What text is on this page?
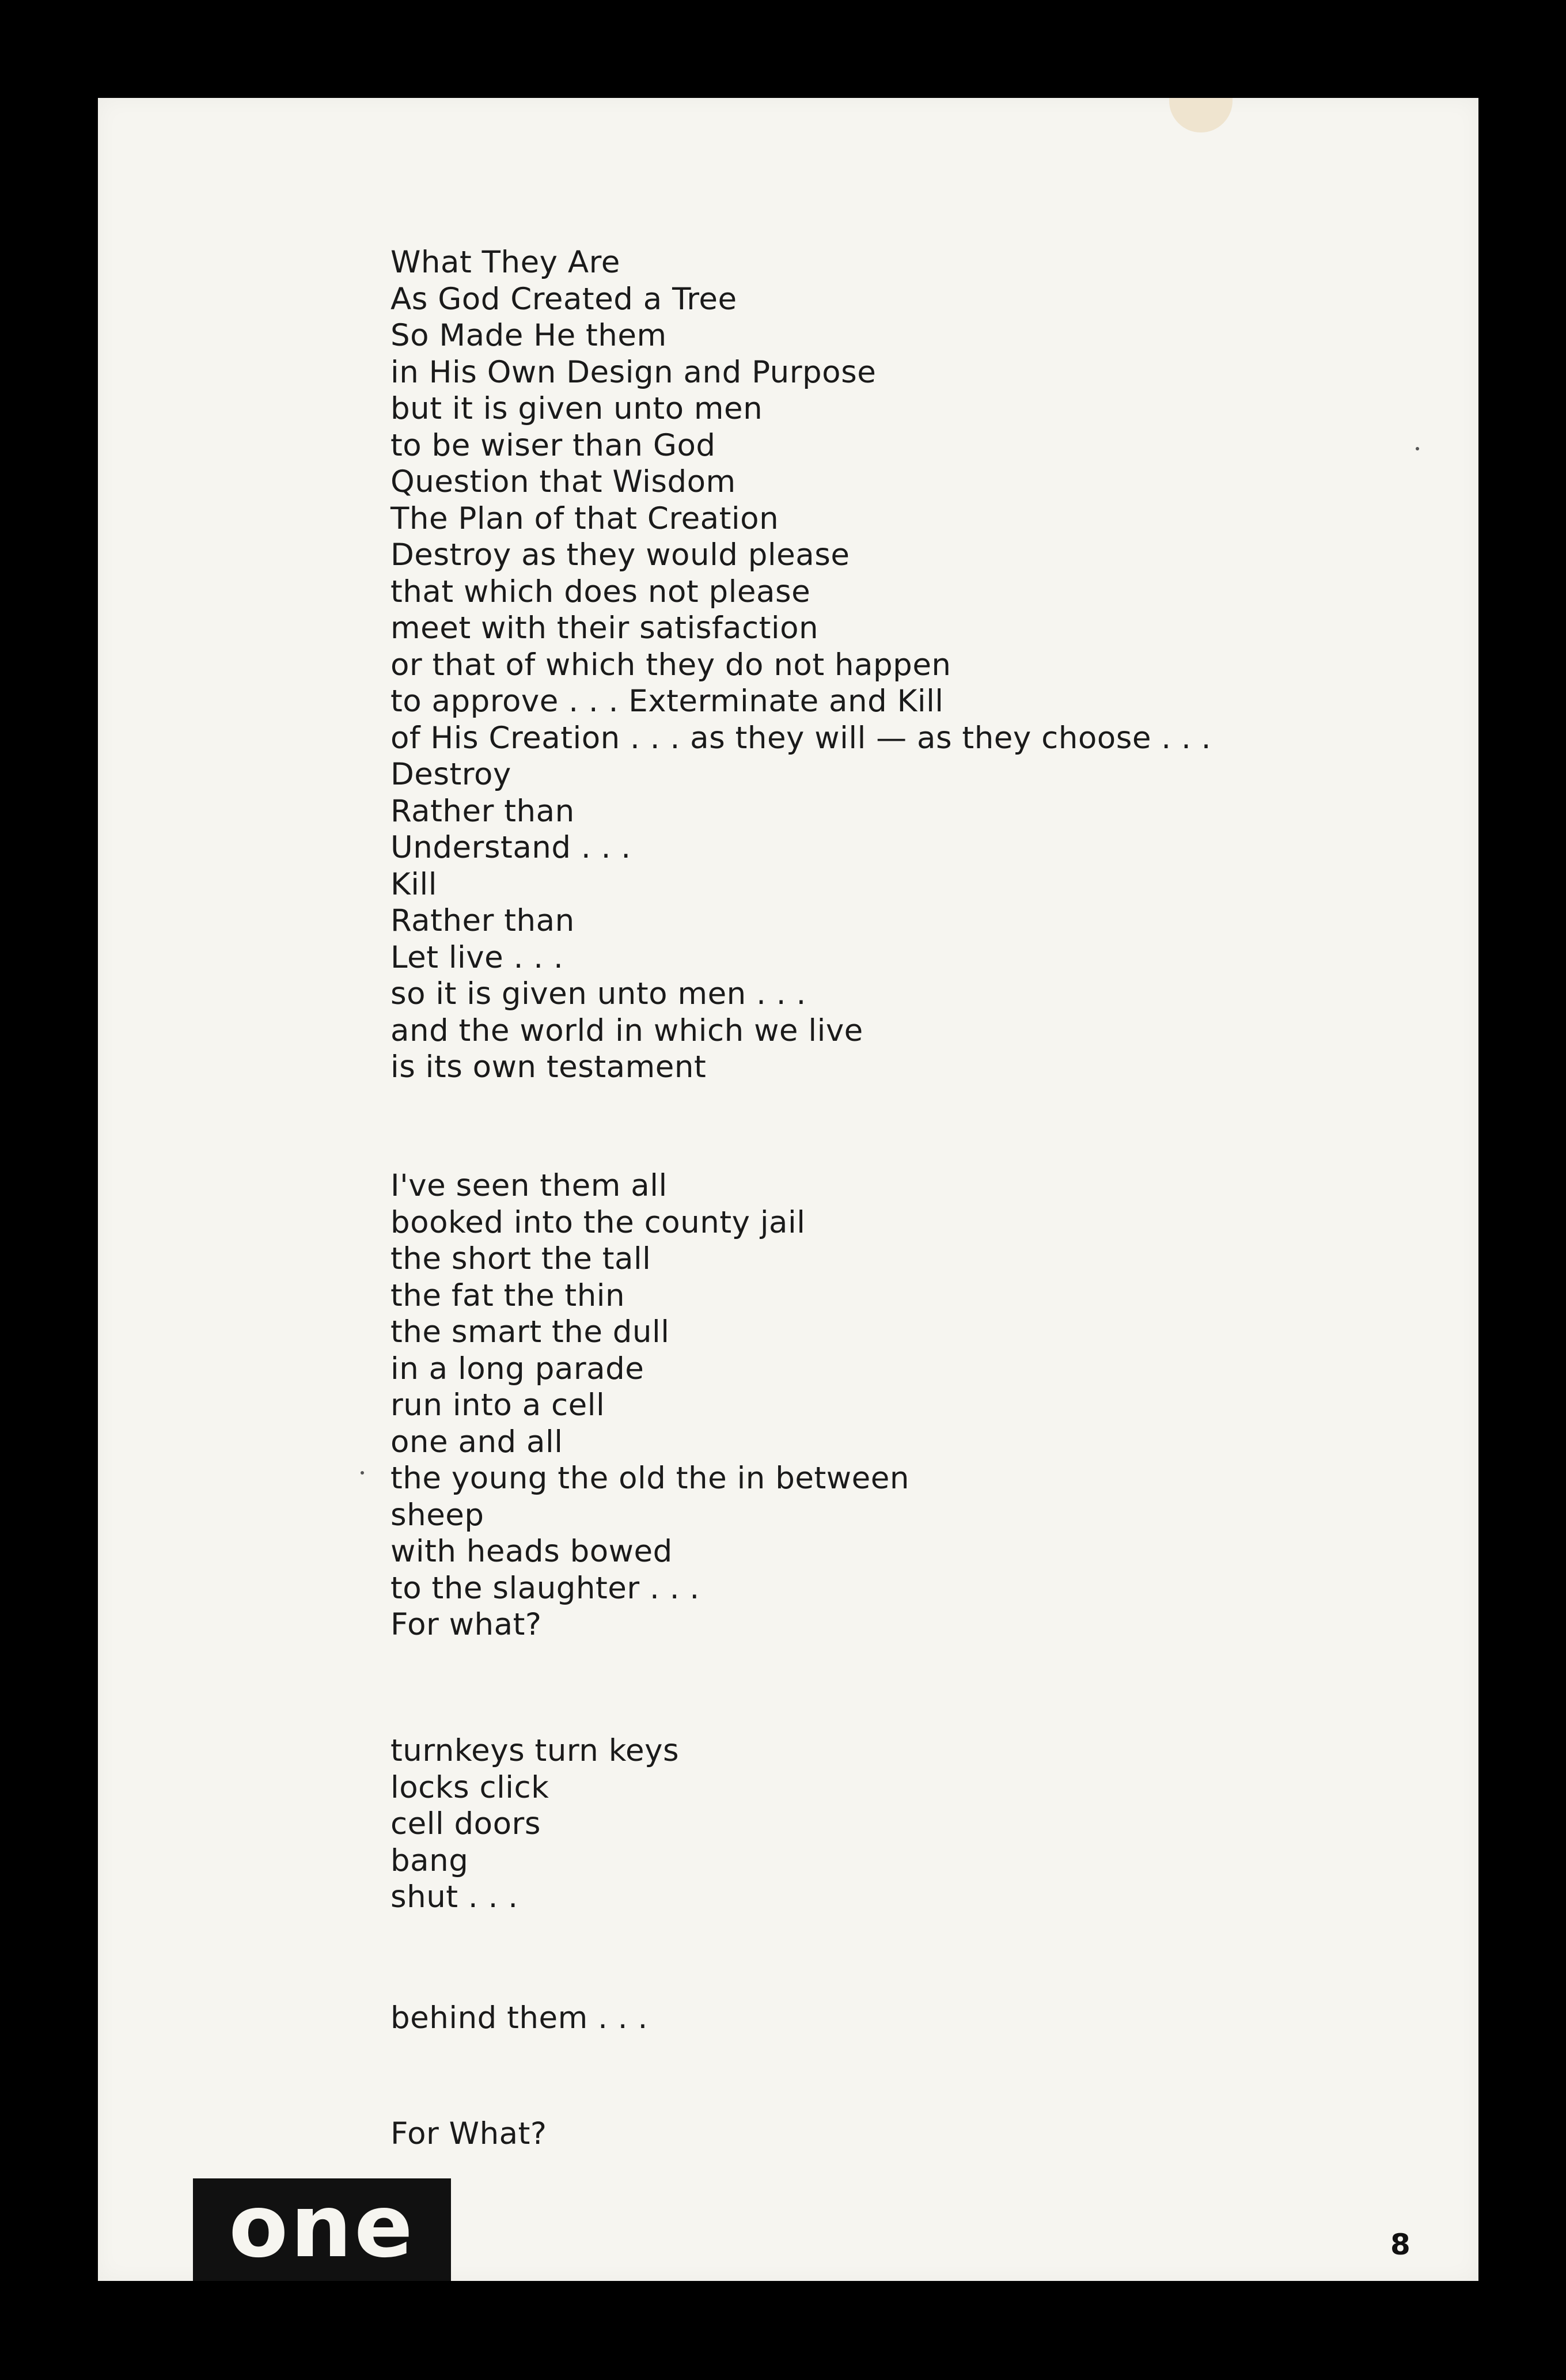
What They Are
As God Created a Tree
So Made He them
in His Own Design and Purpose
but it is given unto men
to be wiser than God
Question that Wisdom
The Plan of that Creation
Destroy as they would please
that which does not please
meet with their satisfaction
or that of which they do not happen
to approve . . . Exterminate and Kill
of His Creation . . . as they will — as they choose . . .
Destroy
Rather than
Understand . . .
Kill
Rather than
Let live . . .
so it is given unto men . . .
and the world in which we live
is its own testament
I've seen them all
booked into the county jail
the short the tall
the fat the thin
the smart the dull
in a long parade
run into a cell
one and all
the young the old the in between
sheep
with heads bowed
to the slaughter . . .
For what?
turnkeys turn keys
locks click
cell doors
bang
shut . . .
behind them . . .
For What?
one	8
